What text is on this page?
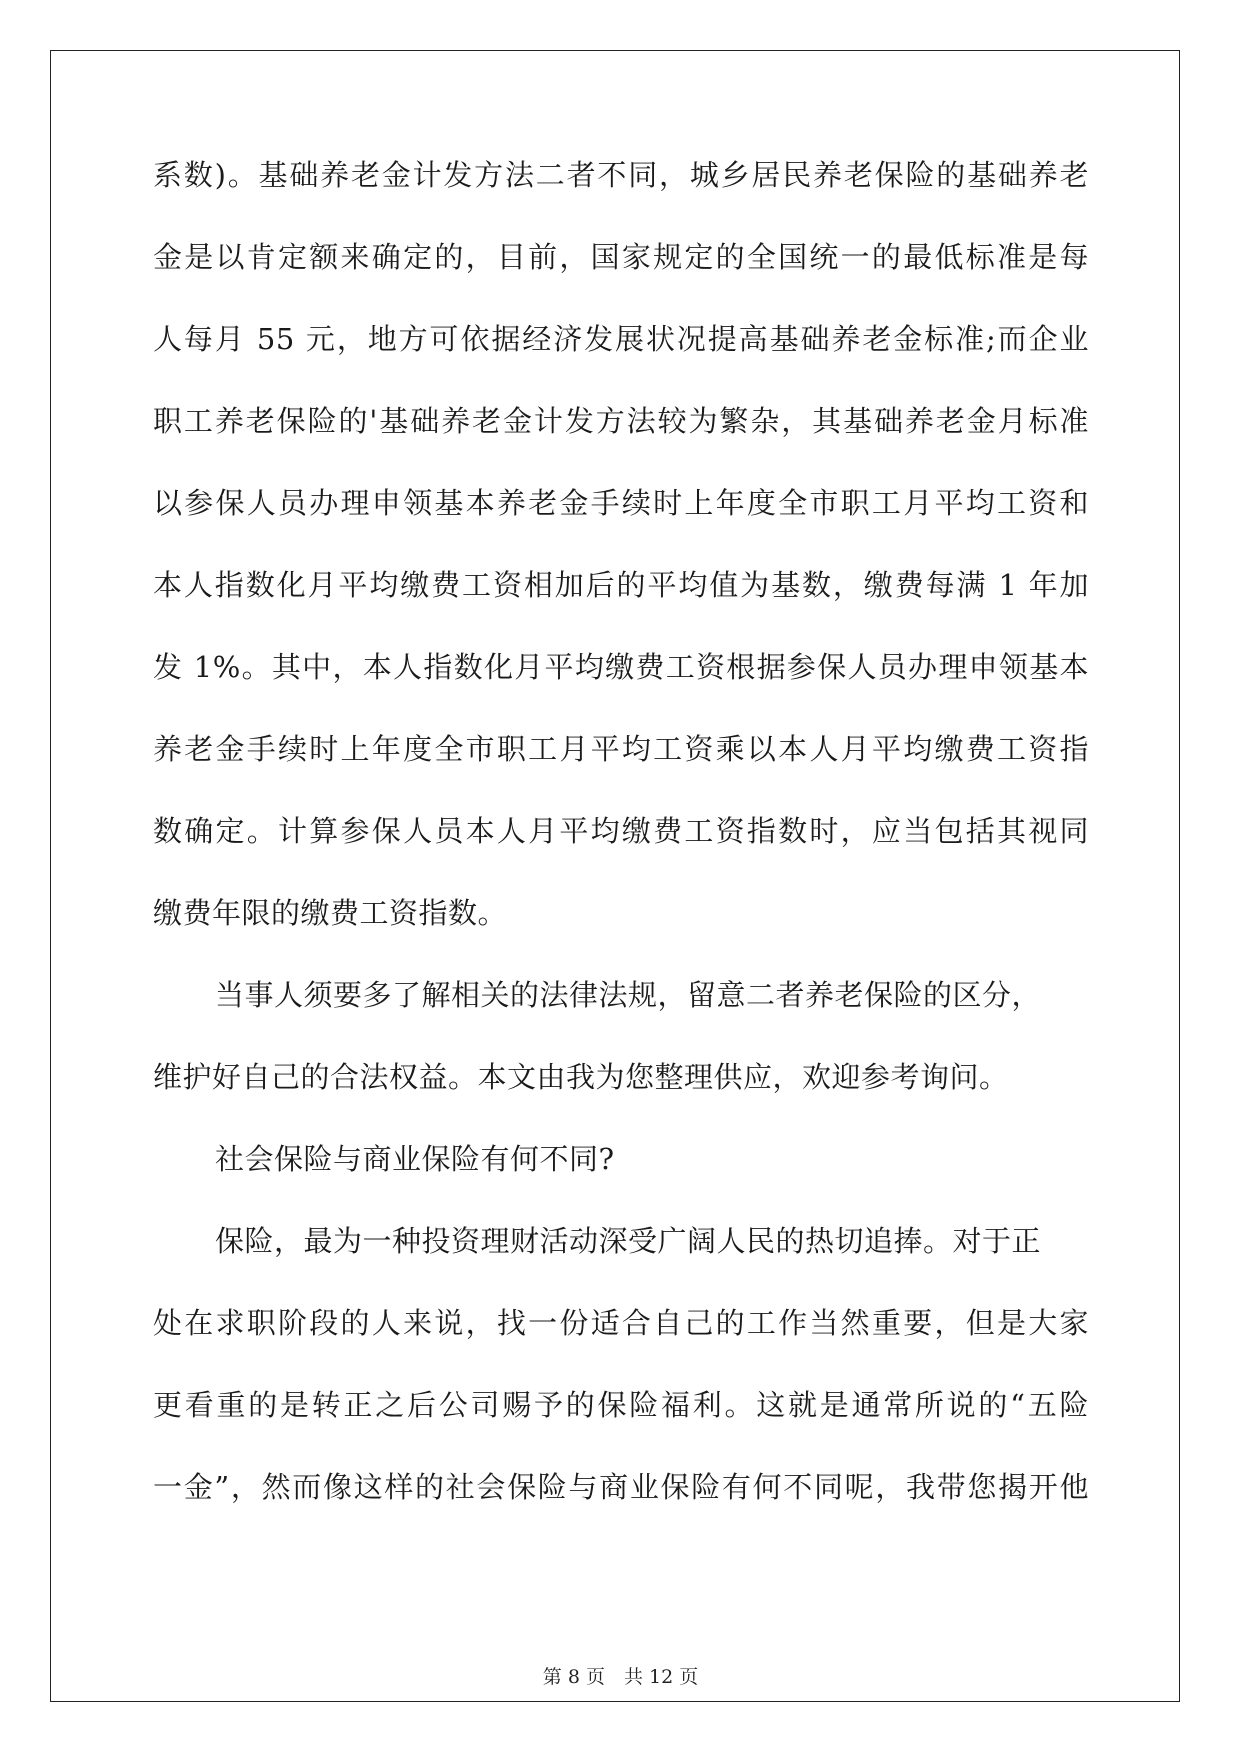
系数)。基础养老金计发方法二者不同，城乡居民养老保险的基础养老
金是以肯定额来确定的，目前，国家规定的全国统一的最低标准是每
人每月 55 元，地方可依据经济发展状况提高基础养老金标准;而企业
职工养老保险的'基础养老金计发方法较为繁杂，其基础养老金月标准
以参保人员办理申领基本养老金手续时上年度全市职工月平均工资和
本人指数化月平均缴费工资相加后的平均值为基数，缴费每满 1 年加
发 1%。其中，本人指数化月平均缴费工资根据参保人员办理申领基本
养老金手续时上年度全市职工月平均工资乘以本人月平均缴费工资指
数确定。计算参保人员本人月平均缴费工资指数时，应当包括其视同
缴费年限的缴费工资指数。
当事人须要多了解相关的法律法规，留意二者养老保险的区分，
维护好自己的合法权益。本文由我为您整理供应，欢迎参考询问。
社会保险与商业保险有何不同?
保险，最为一种投资理财活动深受广阔人民的热切追捧。对于正
处在求职阶段的人来说，找一份适合自己的工作当然重要，但是大家
更看重的是转正之后公司赐予的保险福利。这就是通常所说的“五险
一金”，然而像这样的社会保险与商业保险有何不同呢，我带您揭开他
第 8 页　共 12 页
